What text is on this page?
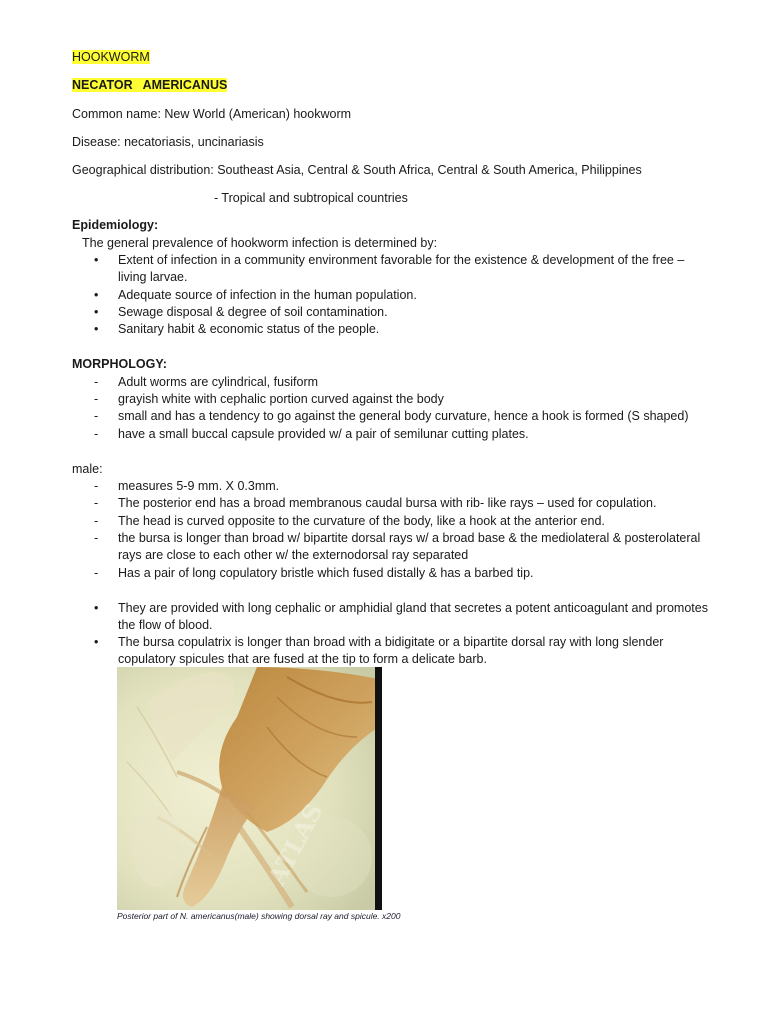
HOOKWORM
NECATOR   AMERICANUS
Common name: New World (American) hookworm
Disease: necatoriasis, uncinariasis
Geographical distribution: Southeast Asia, Central & South Africa, Central & South America, Philippines
- Tropical and subtropical countries
Epidemiology:
The general prevalence of hookworm infection is determined by:
•	Extent of infection in a community environment favorable for the existence & development of the free –
living larvae.
•	Adequate source of infection in the human population.
•	Sewage disposal & degree of soil contamination.
•	Sanitary habit & economic status of the people.
MORPHOLOGY:
-	Adult worms are cylindrical, fusiform
-	grayish white with cephalic portion curved against the body
-	small and has a tendency to go against the general body curvature, hence a hook is formed (S shaped)
-	have a small buccal capsule provided w/ a pair of semilunar cutting plates.
male:
-	measures 5-9 mm. X 0.3mm.
-	The posterior end has a broad membranous caudal bursa with rib- like rays – used for copulation.
-	The head is curved opposite to the curvature of the body, like a hook at the anterior end.
-	the bursa is longer than broad w/ bipartite dorsal rays w/ a broad base & the mediolateral & posterolateral
rays are close to each other w/ the externodorsal ray separated
-	Has a pair of long copulatory bristle which fused distally & has a barbed tip.
•	They are provided with long cephalic or amphidial gland that secretes a potent anticoagulant and promotes
the flow of blood.
•	The bursa copulatrix is longer than broad with a bidigitate or a bipartite dorsal ray with long slender
copulatory spicules that are fused at the tip to form a delicate barb.
ATLAS
Posterior part of N. americanus(male) showing dorsal ray and spicule. x200
